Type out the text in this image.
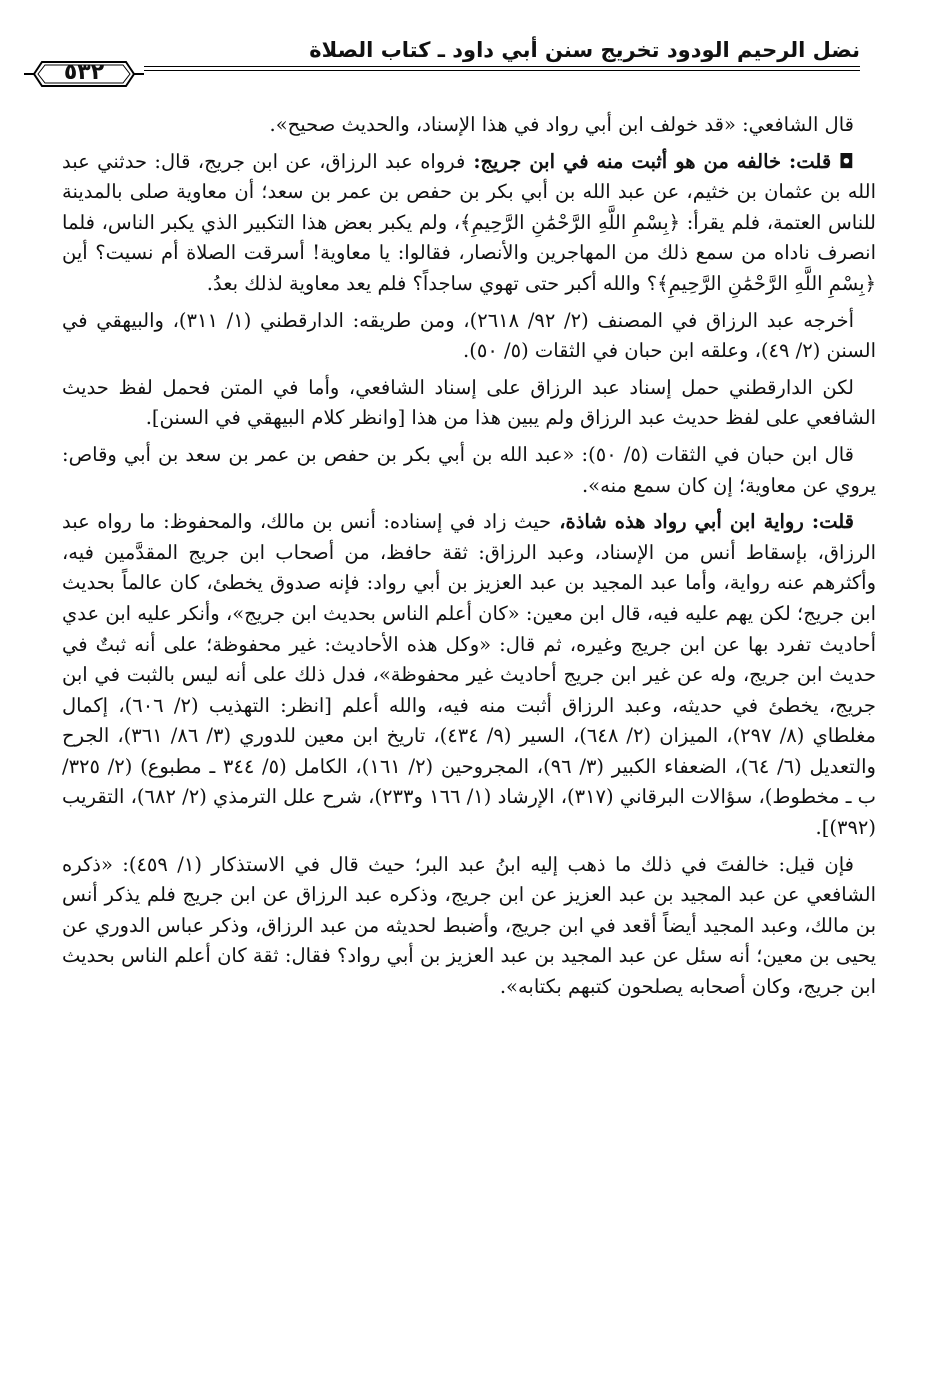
نضل الرحيم الودود تخريج سنن أبي داود ـ كتاب الصلاة
٥٣٢

قال الشافعي: «قد خولف ابن أبي رواد في هذا الإسناد، والحديث صحيح».

◘ قلت: خالفه من هو أثبت منه في ابن جريج: فرواه عبد الرزاق، عن ابن جريج، قال: حدثني عبد الله بن عثمان بن خثيم، عن عبد الله بن أبي بكر بن حفص بن عمر بن سعد؛ أن معاوية صلى بالمدينة للناس العتمة، فلم يقرأ: ﴿بِسْمِ اللَّهِ الرَّحْمَٰنِ الرَّحِيمِ﴾، ولم يكبر بعض هذا التكبير الذي يكبر الناس، فلما انصرف ناداه من سمع ذلك من المهاجرين والأنصار، فقالوا: يا معاوية! أسرقت الصلاة أم نسيت؟ أين ﴿بِسْمِ اللَّهِ الرَّحْمَٰنِ الرَّحِيمِ﴾؟ والله أكبر حتى تهوي ساجداً؟ فلم يعد معاوية لذلك بعدُ.

أخرجه عبد الرزاق في المصنف (٢/ ٩٢/ ٢٦١٨)، ومن طريقه: الدارقطني (١/ ٣١١)، والبيهقي في السنن (٢/ ٤٩)، وعلقه ابن حبان في الثقات (٥/ ٥٠).

لكن الدارقطني حمل إسناد عبد الرزاق على إسناد الشافعي، وأما في المتن فحمل لفظ حديث الشافعي على لفظ حديث عبد الرزاق ولم يبين هذا من هذا [وانظر كلام البيهقي في السنن].

قال ابن حبان في الثقات (٥/ ٥٠): «عبد الله بن أبي بكر بن حفص بن عمر بن سعد بن أبي وقاص: يروي عن معاوية؛ إن كان سمع منه».

قلت: رواية ابن أبي رواد هذه شاذة، حيث زاد في إسناده: أنس بن مالك، والمحفوظ: ما رواه عبد الرزاق، بإسقاط أنس من الإسناد، وعبد الرزاق: ثقة حافظ، من أصحاب ابن جريج المقدَّمين فيه، وأكثرهم عنه رواية، وأما عبد المجيد بن عبد العزيز بن أبي رواد: فإنه صدوق يخطئ، كان عالماً بحديث ابن جريج؛ لكن يهم عليه فيه، قال ابن معين: «كان أعلم الناس بحديث ابن جريج»، وأنكر عليه ابن عدي أحاديث تفرد بها عن ابن جريج وغيره، ثم قال: «وكل هذه الأحاديث: غير محفوظة؛ على أنه ثبتٌ في حديث ابن جريج، وله عن غير ابن جريج أحاديث غير محفوظة»، فدل ذلك على أنه ليس بالثبت في ابن جريج، يخطئ في حديثه، وعبد الرزاق أثبت منه فيه، والله أعلم [انظر: التهذيب (٢/ ٦٠٦)، إكمال مغلطاي (٨/ ٢٩٧)، الميزان (٢/ ٦٤٨)، السير (٩/ ٤٣٤)، تاريخ ابن معين للدوري (٣/ ٨٦/ ٣٦١)، الجرح والتعديل (٦/ ٦٤)، الضعفاء الكبير (٣/ ٩٦)، المجروحين (٢/ ١٦١)، الكامل (٥/ ٣٤٤ ـ مطبوع) (٢/ ٣٢٥/ ب ـ مخطوط)، سؤالات البرقاني (٣١٧)، الإرشاد (١/ ١٦٦ و٢٣٣)، شرح علل الترمذي (٢/ ٦٨٢)، التقريب (٣٩٢)].

فإن قيل: خالفتَ في ذلك ما ذهب إليه ابنُ عبد البر؛ حيث قال في الاستذكار (١/ ٤٥٩): «ذكره الشافعي عن عبد المجيد بن عبد العزيز عن ابن جريج، وذكره عبد الرزاق عن ابن جريج فلم يذكر أنس بن مالك، وعبد المجيد أيضاً أقعد في ابن جريج، وأضبط لحديثه من عبد الرزاق، وذكر عباس الدوري عن يحيى بن معين؛ أنه سئل عن عبد المجيد بن عبد العزيز بن أبي رواد؟ فقال: ثقة كان أعلم الناس بحديث ابن جريج، وكان أصحابه يصلحون كتبهم بكتابه».
